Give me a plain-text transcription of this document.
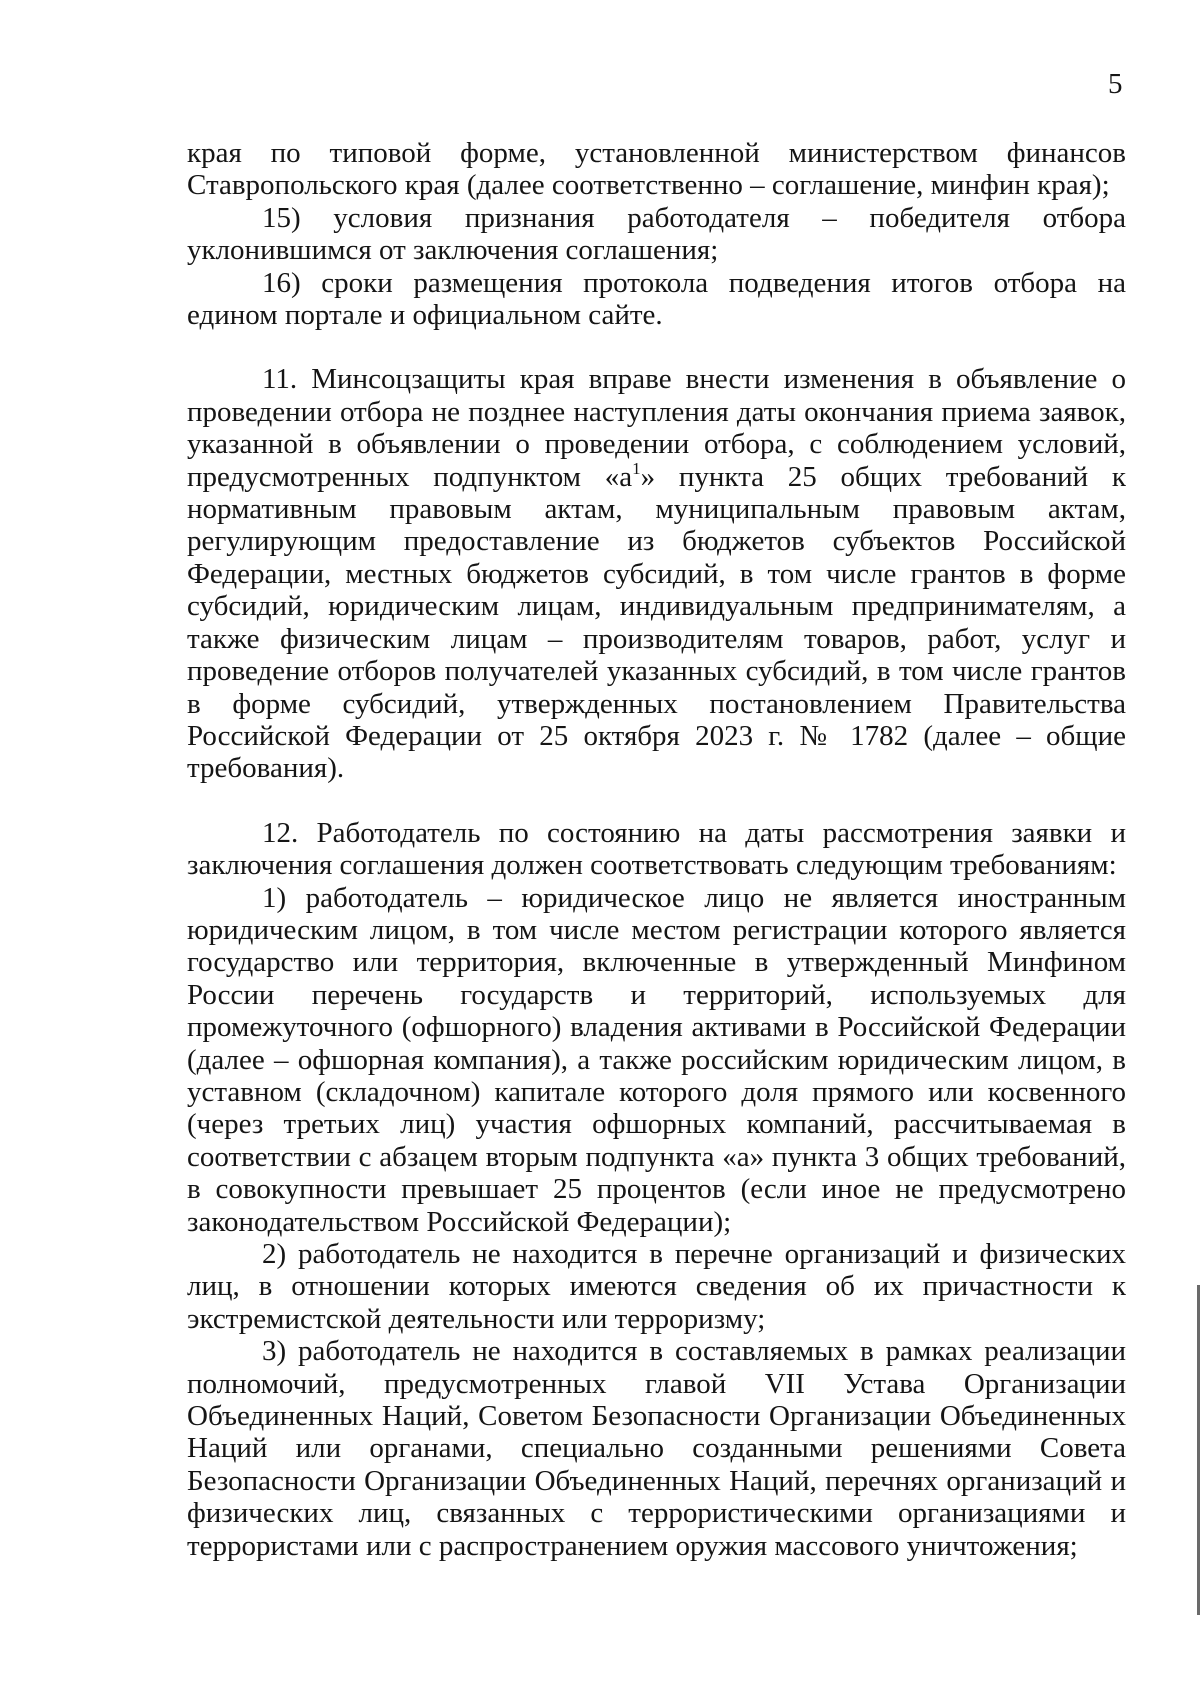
5

края по типовой форме, установленной министерством финансов Ставропольского края (далее соответственно – соглашение, минфин края);

15) условия признания работодателя – победителя отбора уклонившимся от заключения соглашения;

16) сроки размещения протокола подведения итогов отбора на едином портале и официальном сайте.

11. Минсоцзащиты края вправе внести изменения в объявление о проведении отбора не позднее наступления даты окончания приема заявок, указанной в объявлении о проведении отбора, с соблюдением условий, предусмотренных подпунктом «$а^1$» пункта 25 общих требований к нормативным правовым актам, муниципальным правовым актам, регулирующим предоставление из бюджетов субъектов Российской Федерации, местных бюджетов субсидий, в том числе грантов в форме субсидий, юридическим лицам, индивидуальным предпринимателям, а также физическим лицам – производителям товаров, работ, услуг и проведение отборов получателей указанных субсидий, в том числе грантов в форме субсидий, утвержденных постановлением Правительства Российской Федерации от 25 октября 2023 г. № 1782 (далее – общие требования).

12. Работодатель по состоянию на даты рассмотрения заявки и заключения соглашения должен соответствовать следующим требованиям:

1) работодатель – юридическое лицо не является иностранным юридическим лицом, в том числе местом регистрации которого является государство или территория, включенные в утвержденный Минфином России перечень государств и территорий, используемых для промежуточного (офшорного) владения активами в Российской Федерации (далее – офшорная компания), а также российским юридическим лицом, в уставном (складочном) капитале которого доля прямого или косвенного (через третьих лиц) участия офшорных компаний, рассчитываемая в соответствии с абзацем вторым подпункта «а» пункта 3 общих требований, в совокупности превышает 25 процентов (если иное не предусмотрено законодательством Российской Федерации);

2) работодатель не находится в перечне организаций и физических лиц, в отношении которых имеются сведения об их причастности к экстремистской деятельности или терроризму;

3) работодатель не находится в составляемых в рамках реализации полномочий, предусмотренных главой VII Устава Организации Объединенных Наций, Советом Безопасности Организации Объединенных Наций или органами, специально созданными решениями Совета Безопасности Организации Объединенных Наций, перечнях организаций и физических лиц, связанных с террористическими организациями и террористами или с распространением оружия массового уничтожения;
